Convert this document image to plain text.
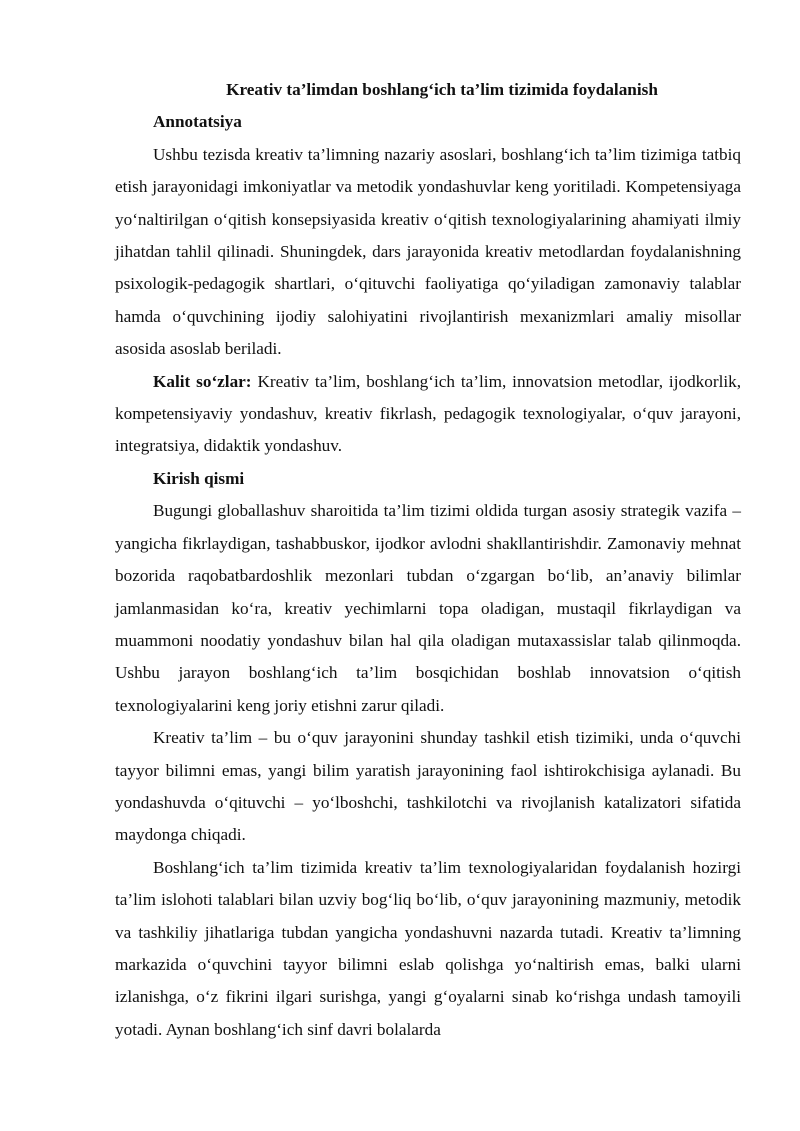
Kreativ ta’limdan boshlang‘ich ta’lim tizimida foydalanish

Annotatsiya

Ushbu tezisda kreativ ta’limning nazariy asoslari, boshlang‘ich ta’lim tizimiga tatbiq etish jarayonidagi imkoniyatlar va metodik yondashuvlar keng yoritiladi. Kompetensiyaga yo‘naltirilgan o‘qitish konsepsiyasida kreativ o‘qitish texnologiyalarining ahamiyati ilmiy jihatdan tahlil qilinadi. Shuningdek, dars jarayonida kreativ metodlardan foydalanishning psixologik-pedagogik shartlari, o‘qituvchi faoliyatiga qo‘yiladigan zamonaviy talablar hamda o‘quvchining ijodiy salohiyatini rivojlantirish mexanizmlari amaliy misollar asosida asoslab beriladi.

Kalit so‘zlar: Kreativ ta’lim, boshlang‘ich ta’lim, innovatsion metodlar, ijodkorlik, kompetensiyaviy yondashuv, kreativ fikrlash, pedagogik texnologiyalar, o‘quv jarayoni, integratsiya, didaktik yondashuv.

Kirish qismi

Bugungi globallashuv sharoitida ta’lim tizimi oldida turgan asosiy strategik vazifa – yangicha fikrlaydigan, tashabbuskor, ijodkor avlodni shakllantirishdir. Zamonaviy mehnat bozorida raqobatbardoshlik mezonlari tubdan o‘zgargan bo‘lib, an’anaviy bilimlar jamlanmasidan ko‘ra, kreativ yechimlarni topa oladigan, mustaqil fikrlaydigan va muammoni noodatiy yondashuv bilan hal qila oladigan mutaxassislar talab qilinmoqda. Ushbu jarayon boshlang‘ich ta’lim bosqichidan boshlab innovatsion o‘qitish texnologiyalarini keng joriy etishni zarur qiladi.

Kreativ ta’lim – bu o‘quv jarayonini shunday tashkil etish tizimiki, unda o‘quvchi tayyor bilimni emas, yangi bilim yaratish jarayonining faol ishtirokchisiga aylanadi. Bu yondashuvda o‘qituvchi – yo‘lboshchi, tashkilotchi va rivojlanish katalizatori sifatida maydonga chiqadi.

Boshlang‘ich ta’lim tizimida kreativ ta’lim texnologiyalaridan foydalanish hozirgi ta’lim islohoti talablari bilan uzviy bog‘liq bo‘lib, o‘quv jarayonining mazmuniy, metodik va tashkiliy jihatlariga tubdan yangicha yondashuvni nazarda tutadi. Kreativ ta’limning markazida o‘quvchini tayyor bilimni eslab qolishga yo‘naltirish emas, balki ularni izlanishga, o‘z fikrini ilgari surishga, yangi g‘oyalarni sinab ko‘rishga undash tamoyili yotadi. Aynan boshlang‘ich sinf davri bolalarda
